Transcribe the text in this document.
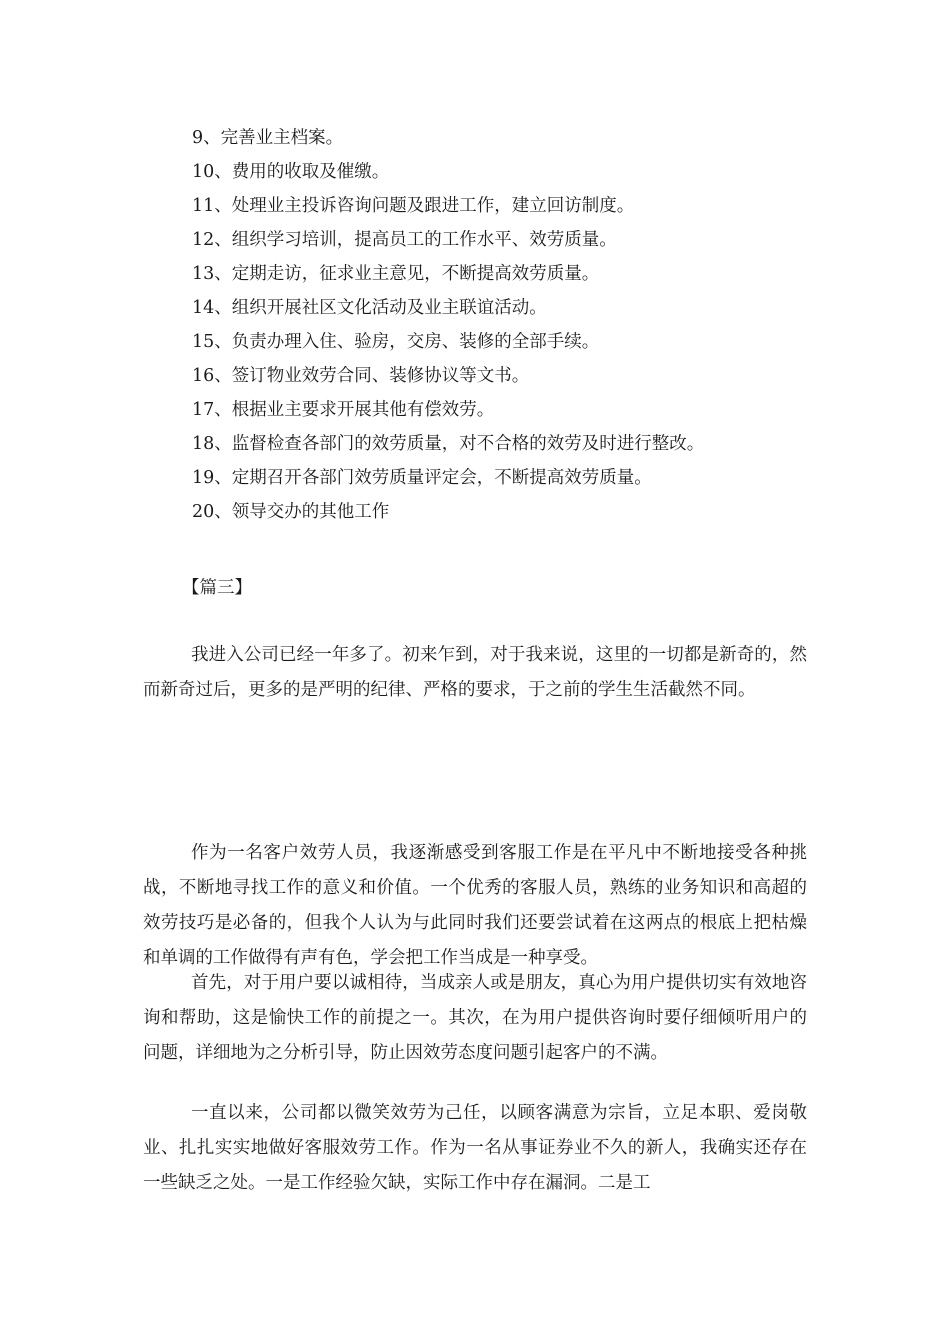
9、完善业主档案。
10、费用的收取及催缴。
11、处理业主投诉咨询问题及跟进工作，建立回访制度。
12、组织学习培训，提高员工的工作水平、效劳质量。
13、定期走访，征求业主意见，不断提高效劳质量。
14、组织开展社区文化活动及业主联谊活动。
15、负责办理入住、验房，交房、装修的全部手续。
16、签订物业效劳合同、装修协议等文书。
17、根据业主要求开展其他有偿效劳。
18、监督检查各部门的效劳质量，对不合格的效劳及时进行整改。
19、定期召开各部门效劳质量评定会，不断提高效劳质量。
20、领导交办的其他工作
【篇三】

我进入公司已经一年多了。初来乍到，对于我来说，这里的一切都是新奇的，然而新奇过后，更多的是严明的纪律、严格的要求，于之前的学生生活截然不同。

作为一名客户效劳人员，我逐渐感受到客服工作是在平凡中不断地接受各种挑战，不断地寻找工作的意义和价值。一个优秀的客服人员，熟练的业务知识和高超的效劳技巧是必备的，但我个人认为与此同时我们还要尝试着在这两点的根底上把枯燥和单调的工作做得有声有色，学会把工作当成是一种享受。

首先，对于用户要以诚相待，当成亲人或是朋友，真心为用户提供切实有效地咨询和帮助，这是愉快工作的前提之一。其次，在为用户提供咨询时要仔细倾听用户的问题，详细地为之分析引导，防止因效劳态度问题引起客户的不满。

一直以来，公司都以微笑效劳为己任，以顾客满意为宗旨，立足本职、爱岗敬业、扎扎实实地做好客服效劳工作。作为一名从事证券业不久的新人，我确实还存在一些缺乏之处。一是工作经验欠缺，实际工作中存在漏洞。二是工
